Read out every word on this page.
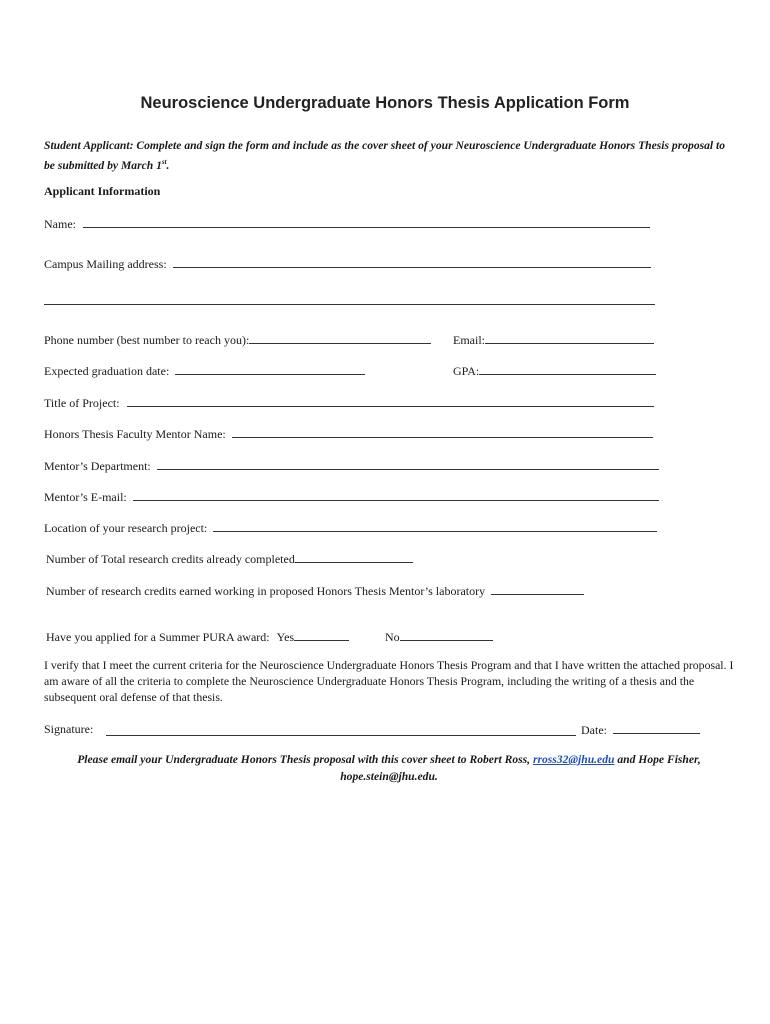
Neuroscience Undergraduate Honors Thesis Application Form
Student Applicant: Complete and sign the form and include as the cover sheet of your Neuroscience Undergraduate Honors Thesis proposal to be submitted by March 1st.
Applicant Information
Name:
Campus Mailing address:
Phone number (best number to reach you):	Email:
Expected graduation date:	GPA:
Title of Project:
Honors Thesis Faculty Mentor Name:
Mentor’s Department:
Mentor’s E-mail:
Location of your research project:
Number of Total research credits already completed
Number of research credits earned working in proposed Honors Thesis Mentor’s laboratory
Have you applied for a Summer PURA award: Yes	No
I verify that I meet the current criteria for the Neuroscience Undergraduate Honors Thesis Program and that I have written the attached proposal. I am aware of all the criteria to complete the Neuroscience Undergraduate Honors Thesis Program, including the writing of a thesis and the subsequent oral defense of that thesis.
Signature:	Date:
Please email your Undergraduate Honors Thesis proposal with this cover sheet to Robert Ross, rross32@jhu.edu and Hope Fisher,
hope.stein@jhu.edu.
